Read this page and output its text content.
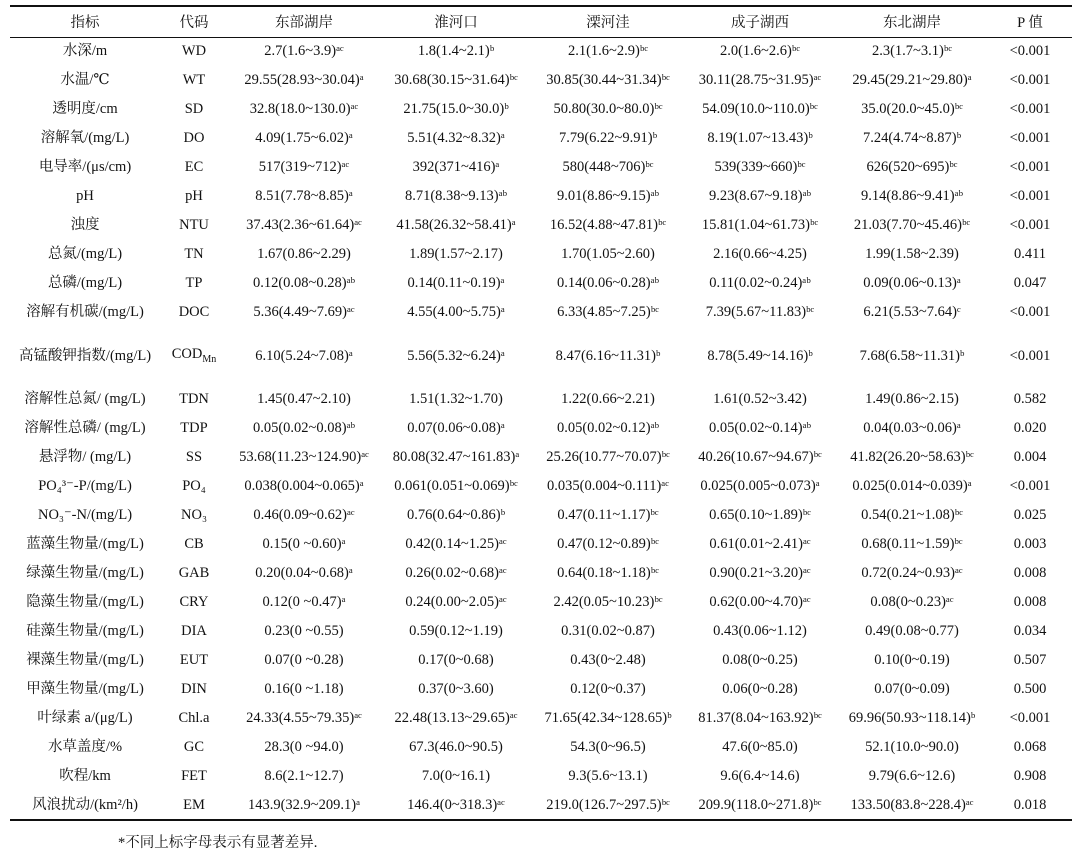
指标	代码	东部湖岸	淮河口	溧河洼	成子湖西	东北湖岸	P 值
水深/m	WD	2.7(1.6~3.9)ᵃᶜ	1.8(1.4~2.1)ᵇ	2.1(1.6~2.9)ᵇᶜ	2.0(1.6~2.6)ᵇᶜ	2.3(1.7~3.1)ᵇᶜ	<0.001
水温/℃	WT	29.55(28.93~30.04)ᵃ	30.68(30.15~31.64)ᵇᶜ	30.85(30.44~31.34)ᵇᶜ	30.11(28.75~31.95)ᵃᶜ	29.45(29.21~29.80)ᵃ	<0.001
透明度/cm	SD	32.8(18.0~130.0)ᵃᶜ	21.75(15.0~30.0)ᵇ	50.80(30.0~80.0)ᵇᶜ	54.09(10.0~110.0)ᵇᶜ	35.0(20.0~45.0)ᵇᶜ	<0.001
溶解氧/(mg/L)	DO	4.09(1.75~6.02)ᵃ	5.51(4.32~8.32)ᵃ	7.79(6.22~9.91)ᵇ	8.19(1.07~13.43)ᵇ	7.24(4.74~8.87)ᵇ	<0.001
电导率/(μs/cm)	EC	517(319~712)ᵃᶜ	392(371~416)ᵃ	580(448~706)ᵇᶜ	539(339~660)ᵇᶜ	626(520~695)ᵇᶜ	<0.001
pH	pH	8.51(7.78~8.85)ᵃ	8.71(8.38~9.13)ᵃᵇ	9.01(8.86~9.15)ᵃᵇ	9.23(8.67~9.18)ᵃᵇ	9.14(8.86~9.41)ᵃᵇ	<0.001
浊度	NTU	37.43(2.36~61.64)ᵃᶜ	41.58(26.32~58.41)ᵃ	16.52(4.88~47.81)ᵇᶜ	15.81(1.04~61.73)ᵇᶜ	21.03(7.70~45.46)ᵇᶜ	<0.001
总氮/(mg/L)	TN	1.67(0.86~2.29)	1.89(1.57~2.17)	1.70(1.05~2.60)	2.16(0.66~4.25)	1.99(1.58~2.39)	0.411
总磷/(mg/L)	TP	0.12(0.08~0.28)ᵃᵇ	0.14(0.11~0.19)ᵃ	0.14(0.06~0.28)ᵃᵇ	0.11(0.02~0.24)ᵃᵇ	0.09(0.06~0.13)ᵃ	0.047
溶解有机碳/(mg/L)	DOC	5.36(4.49~7.69)ᵃᶜ	4.55(4.00~5.75)ᵃ	6.33(4.85~7.25)ᵇᶜ	7.39(5.67~11.83)ᵇᶜ	6.21(5.53~7.64)ᶜ	<0.001
高锰酸钾指数/(mg/L)	$COD_{Mn}$	6.10(5.24~7.08)ᵃ	5.56(5.32~6.24)ᵃ	8.47(6.16~11.31)ᵇ	8.78(5.49~14.16)ᵇ	7.68(6.58~11.31)ᵇ	<0.001
溶解性总氮/ (mg/L)	TDN	1.45(0.47~2.10)	1.51(1.32~1.70)	1.22(0.66~2.21)	1.61(0.52~3.42)	1.49(0.86~2.15)	0.582
溶解性总磷/ (mg/L)	TDP	0.05(0.02~0.08)ᵃᵇ	0.07(0.06~0.08)ᵃ	0.05(0.02~0.12)ᵃᵇ	0.05(0.02~0.14)ᵃᵇ	0.04(0.03~0.06)ᵃ	0.020
悬浮物/ (mg/L)	SS	53.68(11.23~124.90)ᵃᶜ	80.08(32.47~161.83)ᵃ	25.26(10.77~70.07)ᵇᶜ	40.26(10.67~94.67)ᵇᶜ	41.82(26.20~58.63)ᵇᶜ	0.004
PO₄³⁻-P/(mg/L)	PO₄	0.038(0.004~0.065)ᵃ	0.061(0.051~0.069)ᵇᶜ	0.035(0.004~0.111)ᵃᶜ	0.025(0.005~0.073)ᵃ	0.025(0.014~0.039)ᵃ	<0.001
NO₃⁻-N/(mg/L)	NO₃	0.46(0.09~0.62)ᵃᶜ	0.76(0.64~0.86)ᵇ	0.47(0.11~1.17)ᵇᶜ	0.65(0.10~1.89)ᵇᶜ	0.54(0.21~1.08)ᵇᶜ	0.025
蓝藻生物量/(mg/L)	CB	0.15(0 ~0.60)ᵃ	0.42(0.14~1.25)ᵃᶜ	0.47(0.12~0.89)ᵇᶜ	0.61(0.01~2.41)ᵃᶜ	0.68(0.11~1.59)ᵇᶜ	0.003
绿藻生物量/(mg/L)	GAB	0.20(0.04~0.68)ᵃ	0.26(0.02~0.68)ᵃᶜ	0.64(0.18~1.18)ᵇᶜ	0.90(0.21~3.20)ᵃᶜ	0.72(0.24~0.93)ᵃᶜ	0.008
隐藻生物量/(mg/L)	CRY	0.12(0 ~0.47)ᵃ	0.24(0.00~2.05)ᵃᶜ	2.42(0.05~10.23)ᵇᶜ	0.62(0.00~4.70)ᵃᶜ	0.08(0~0.23)ᵃᶜ	0.008
硅藻生物量/(mg/L)	DIA	0.23(0 ~0.55)	0.59(0.12~1.19)	0.31(0.02~0.87)	0.43(0.06~1.12)	0.49(0.08~0.77)	0.034
裸藻生物量/(mg/L)	EUT	0.07(0 ~0.28)	0.17(0~0.68)	0.43(0~2.48)	0.08(0~0.25)	0.10(0~0.19)	0.507
甲藻生物量/(mg/L)	DIN	0.16(0 ~1.18)	0.37(0~3.60)	0.12(0~0.37)	0.06(0~0.28)	0.07(0~0.09)	0.500
叶绿素 a/(μg/L)	Chl.a	24.33(4.55~79.35)ᵃᶜ	22.48(13.13~29.65)ᵃᶜ	71.65(42.34~128.65)ᵇ	81.37(8.04~163.92)ᵇᶜ	69.96(50.93~118.14)ᵇ	<0.001
水草盖度/%	GC	28.3(0 ~94.0)	67.3(46.0~90.5)	54.3(0~96.5)	47.6(0~85.0)	52.1(10.0~90.0)	0.068
吹程/km	FET	8.6(2.1~12.7)	7.0(0~16.1)	9.3(5.6~13.1)	9.6(6.4~14.6)	9.79(6.6~12.6)	0.908
风浪扰动/(km²/h)	EM	143.9(32.9~209.1)ᵃ	146.4(0~318.3)ᵃᶜ	219.0(126.7~297.5)ᵇᶜ	209.9(118.0~271.8)ᵇᶜ	133.50(83.8~228.4)ᵃᶜ	0.018
*不同上标字母表示有显著差异.
